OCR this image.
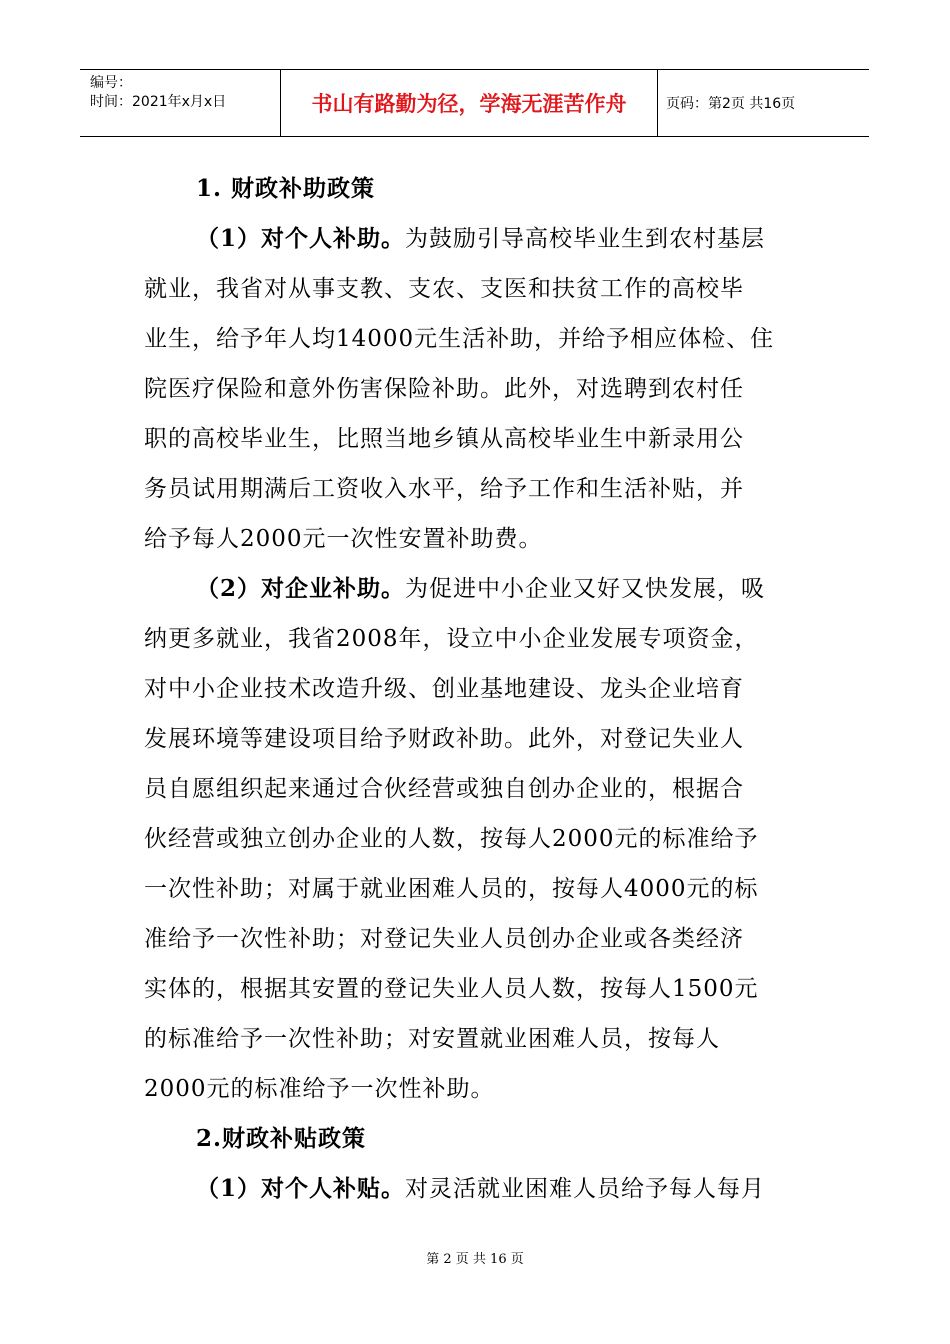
编号：
时间：2021年x月x日	书山有路勤为径，学海无涯苦作舟	页码：第2页 共16页
1. 财政补助政策
（1）对个人补助。为鼓励引导高校毕业生到农村基层
就业，我省对从事支教、支农、支医和扶贫工作的高校毕
业生，给予年人均14000元生活补助，并给予相应体检、住
院医疗保险和意外伤害保险补助。此外，对选聘到农村任
职的高校毕业生，比照当地乡镇从高校毕业生中新录用公
务员试用期满后工资收入水平，给予工作和生活补贴，并
给予每人2000元一次性安置补助费。
（2）对企业补助。为促进中小企业又好又快发展，吸
纳更多就业，我省2008年，设立中小企业发展专项资金，
对中小企业技术改造升级、创业基地建设、龙头企业培育
发展环境等建设项目给予财政补助。此外，对登记失业人
员自愿组织起来通过合伙经营或独自创办企业的，根据合
伙经营或独立创办企业的人数，按每人2000元的标准给予
一次性补助；对属于就业困难人员的，按每人4000元的标
准给予一次性补助；对登记失业人员创办企业或各类经济
实体的，根据其安置的登记失业人员人数，按每人1500元
的标准给予一次性补助；对安置就业困难人员，按每人
2000元的标准给予一次性补助。
2.财政补贴政策
（1）对个人补贴。对灵活就业困难人员给予每人每月
第 2 页 共 16 页
